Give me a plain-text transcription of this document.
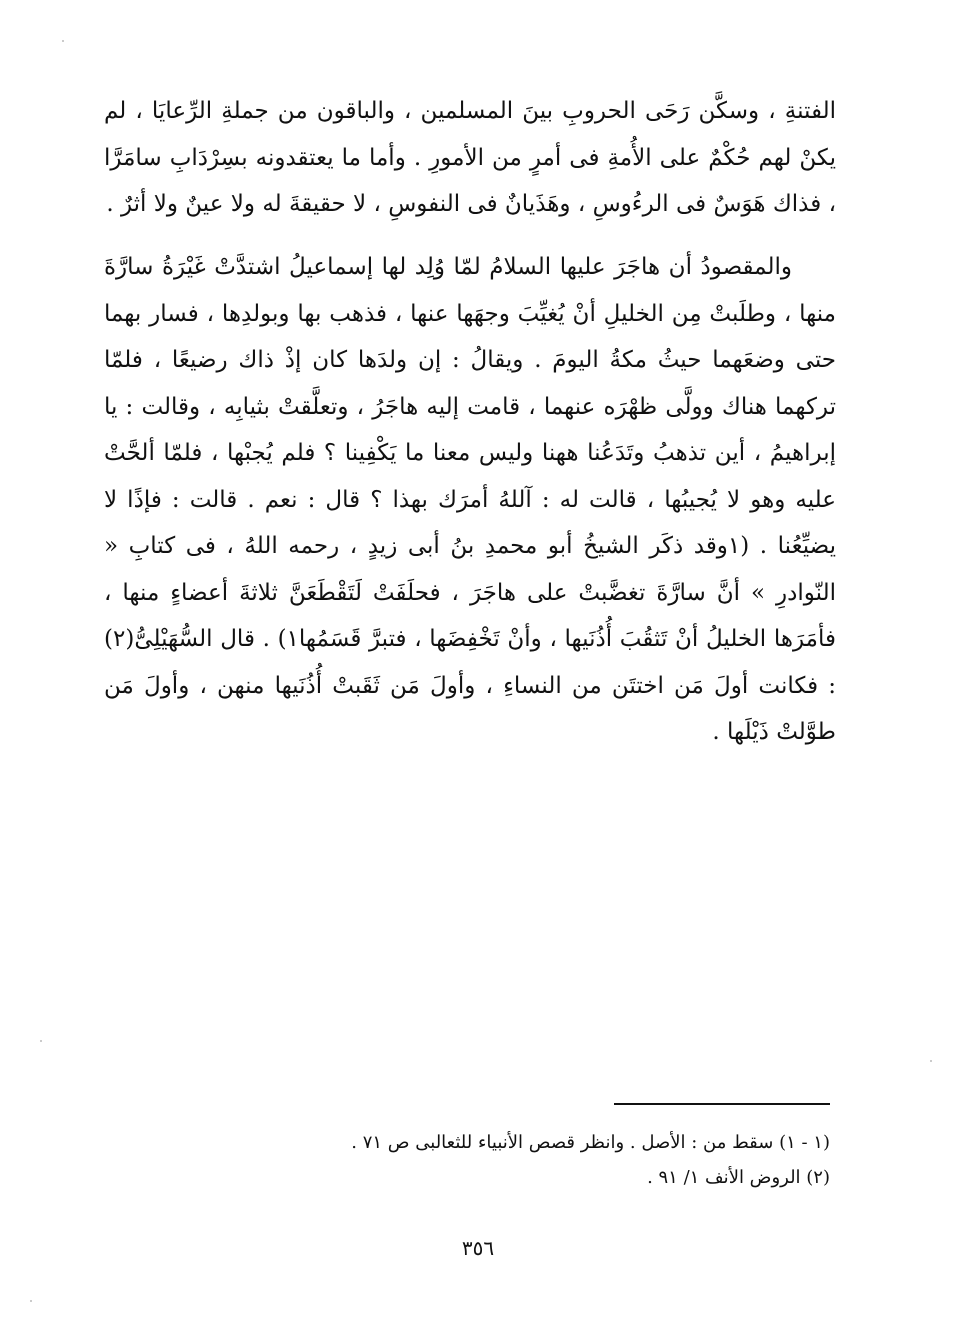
الفتنةِ ، وسكَّن رَحَى الحروبِ بينَ المسلمين ، والباقون من جملةِ الرِّعايَا ، لم يكنْ لهم حُكْمٌ على الأُمةِ فى أمرٍ من الأمورِ . وأما ما يعتقدونه بسِرْدَابِ سامَرَّا ، فذاك هَوَسٌ فى الرءُوسِ ، وهَذَيانٌ فى النفوسِ ، لا حقيقةَ له ولا عينٌ ولا أثرٌ .

والمقصودُ أن هاجَرَ عليها السلامُ لمّا وُلِد لها إسماعيلُ اشتدَّتْ غَيْرَةُ سارَّةَ منها ، وطلَبتْ مِن الخليلِ أنْ يُغيِّبَ وجهَها عنها ، فذهب بها وبولدِها ، فسار بهما حتى وضعَهما حيثُ مكةُ اليومَ . ويقالُ : إن ولدَها كان إذْ ذاك رضيعًا ، فلمّا تركهما هناك وولَّى ظهْرَه عنهما ، قامت إليه هاجَرُ ، وتعلَّقتْ بثيابِه ، وقالت : يا إبراهيمُ ، أين تذهبُ وتَدَعُنا ههنا وليس معنا ما يَكْفِينا ؟ فلم يُجبْها ، فلمّا ألحَّتْ عليه وهو لا يُجيبُها ، قالت له : آللهُ أمرَك بهذا ؟ قال : نعم . قالت : فإذًا لا يضيِّعُنا . (١وقد ذكَر الشيخُ أبو محمدِ بنُ أبى زيدٍ ، رحمه اللهُ ، فى كتابِ « النّوادرِ » أنَّ سارَّةَ تغضَّبتْ على هاجَرَ ، فحلَفَتْ لَتَقْطَعَنَّ ثلاثةَ أعضاءٍ منها ، فأمَرَها الخليلُ أنْ تَثقُبَ أُذُنَيها ، وأنْ تَخْفِضَها ، فتبرَّ قَسَمُها١) . قال السُّهَيْلِىُّ(٢) : فكانت أولَ مَن اختتَن من النساءِ ، وأولَ مَن ثَقَبتْ أُذُنَيها منهن ، وأولَ مَن طوَّلتْ ذَيْلَها .

(١ - ١) سقط من : الأصل . وانظر قصص الأنبياء للثعالبى ص ٧١ .

(٢) الروض الأنف ١/ ٩١ .

٣٥٦
